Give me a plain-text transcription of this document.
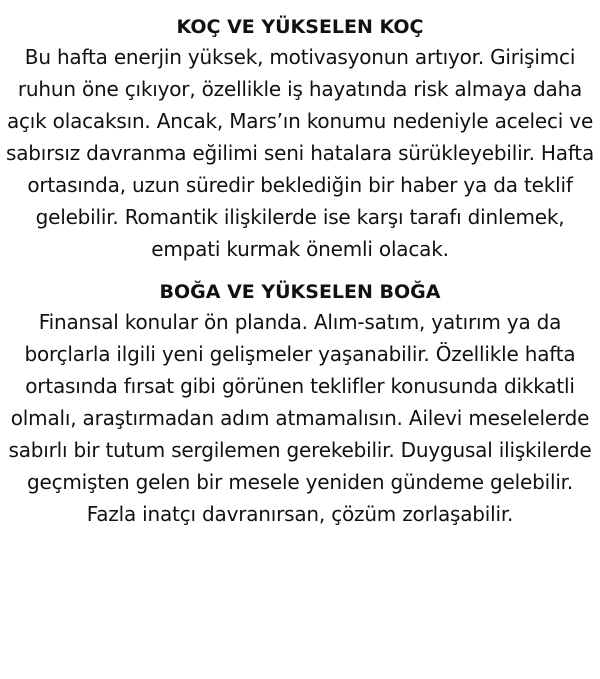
KOÇ VE YÜKSELEN KOÇ

Bu hafta enerjin yüksek, motivasyonun artıyor. Girişimci ruhun öne çıkıyor, özellikle iş hayatında risk almaya daha açık olacaksın. Ancak, Mars’ın konumu nedeniyle aceleci ve sabırsız davranma eğilimi seni hatalara sürükleyebilir. Hafta ortasında, uzun süredir beklediğin bir haber ya da teklif gelebilir. Romantik ilişkilerde ise karşı tarafı dinlemek, empati kurmak önemli olacak.

BOĞA VE YÜKSELEN BOĞA

Finansal konular ön planda. Alım-satım, yatırım ya da borçlarla ilgili yeni gelişmeler yaşanabilir. Özellikle hafta ortasında fırsat gibi görünen teklifler konusunda dikkatli olmalı, araştırmadan adım atmamalısın. Ailevi meselelerde sabırlı bir tutum sergilemen gerekebilir. Duygusal ilişkilerde geçmişten gelen bir mesele yeniden gündeme gelebilir. Fazla inatçı davranırsan, çözüm zorlaşabilir.
